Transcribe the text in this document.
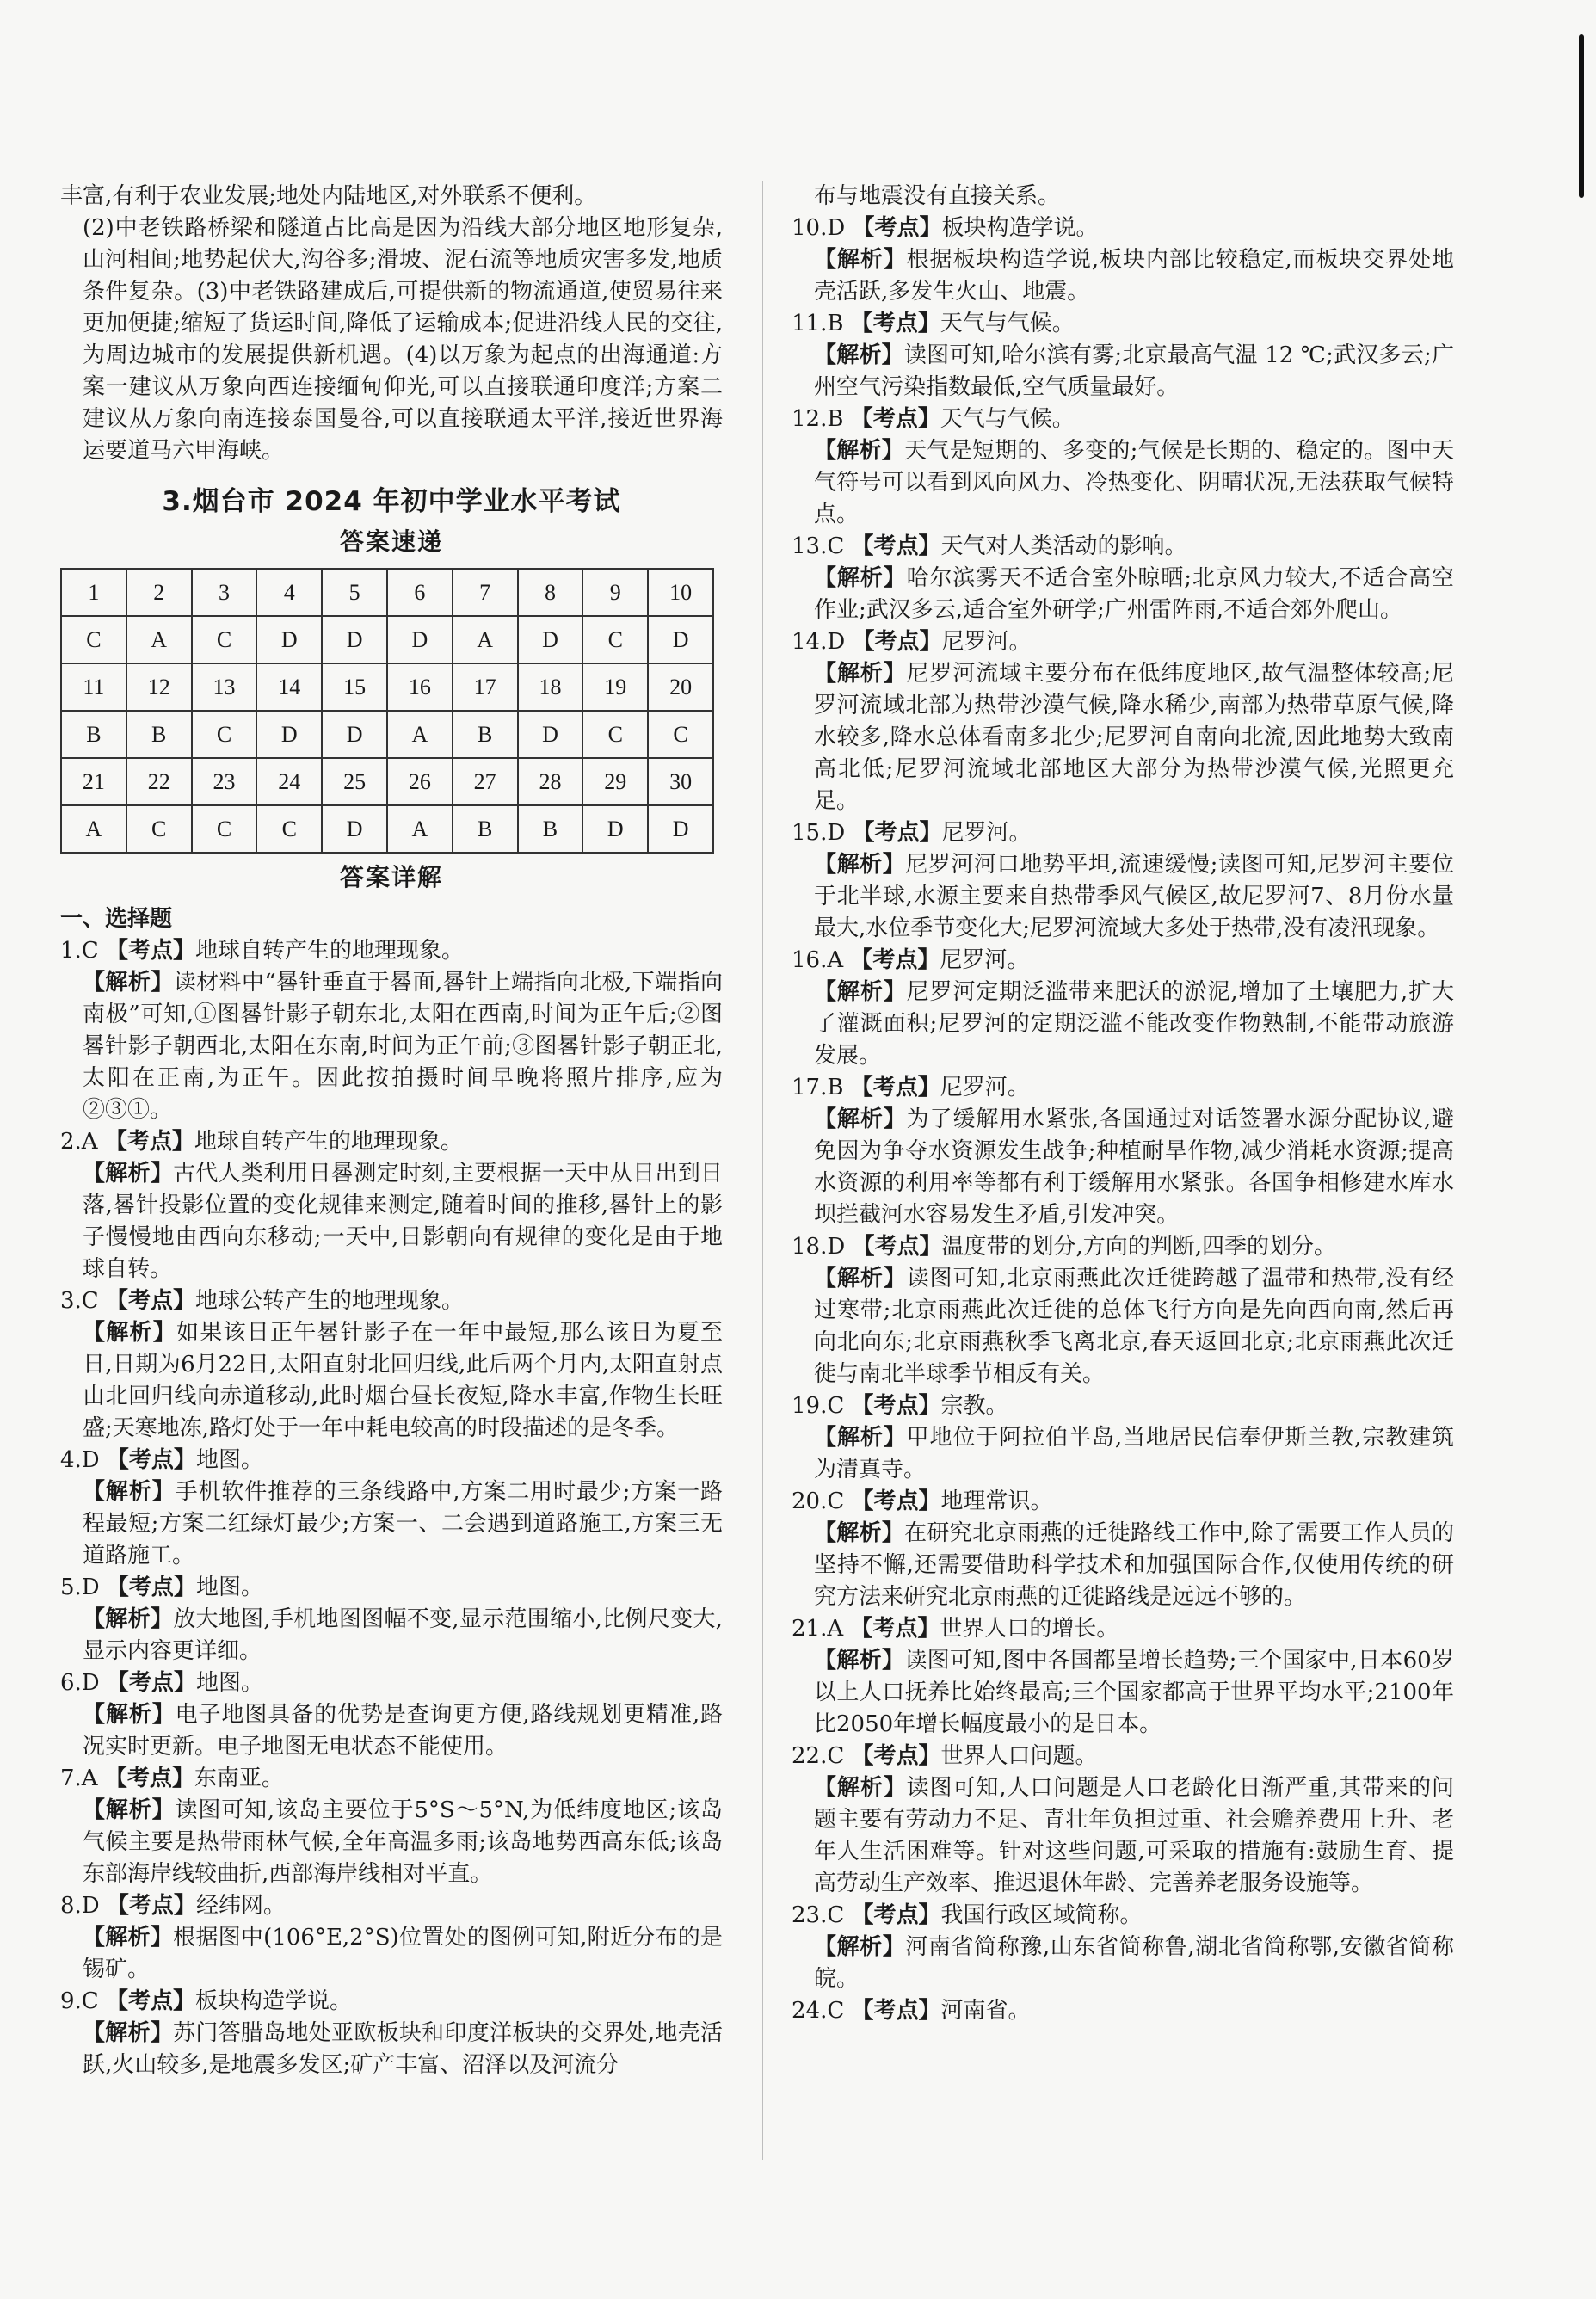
丰富,有利于农业发展;地处内陆地区,对外联系不便利。

(2)中老铁路桥梁和隧道占比高是因为沿线大部分地区地形复杂,山河相间;地势起伏大,沟谷多;滑坡、泥石流等地质灾害多发,地质条件复杂。(3)中老铁路建成后,可提供新的物流通道,使贸易往来更加便捷;缩短了货运时间,降低了运输成本;促进沿线人民的交往,为周边城市的发展提供新机遇。(4)以万象为起点的出海通道:方案一建议从万象向西连接缅甸仰光,可以直接联通印度洋;方案二建议从万象向南连接泰国曼谷,可以直接联通太平洋,接近世界海运要道马六甲海峡。

3.烟台市 2024 年初中学业水平考试
答案速递
1	2	3	4	5	6	7	8	9	10
C	A	C	D	D	D	A	D	C	D
11	12	13	14	15	16	17	18	19	20
B	B	C	D	D	A	B	D	C	C
21	22	23	24	25	26	27	28	29	30
A	C	C	C	D	A	B	B	D	D
答案详解

一、选择题

1.C 【考点】地球自转产生的地理现象。

【解析】读材料中“晷针垂直于晷面,晷针上端指向北极,下端指向南极”可知,①图晷针影子朝东北,太阳在西南,时间为正午后;②图晷针影子朝西北,太阳在东南,时间为正午前;③图晷针影子朝正北,太阳在正南,为正午。因此按拍摄时间早晚将照片排序,应为②③①。

2.A 【考点】地球自转产生的地理现象。

【解析】古代人类利用日晷测定时刻,主要根据一天中从日出到日落,晷针投影位置的变化规律来测定,随着时间的推移,晷针上的影子慢慢地由西向东移动;一天中,日影朝向有规律的变化是由于地球自转。

3.C 【考点】地球公转产生的地理现象。

【解析】如果该日正午晷针影子在一年中最短,那么该日为夏至日,日期为6月22日,太阳直射北回归线,此后两个月内,太阳直射点由北回归线向赤道移动,此时烟台昼长夜短,降水丰富,作物生长旺盛;天寒地冻,路灯处于一年中耗电较高的时段描述的是冬季。

4.D 【考点】地图。

【解析】手机软件推荐的三条线路中,方案二用时最少;方案一路程最短;方案二红绿灯最少;方案一、二会遇到道路施工,方案三无道路施工。

5.D 【考点】地图。

【解析】放大地图,手机地图图幅不变,显示范围缩小,比例尺变大,显示内容更详细。

6.D 【考点】地图。

【解析】电子地图具备的优势是查询更方便,路线规划更精准,路况实时更新。电子地图无电状态不能使用。

7.A 【考点】东南亚。

【解析】读图可知,该岛主要位于5°S～5°N,为低纬度地区;该岛气候主要是热带雨林气候,全年高温多雨;该岛地势西高东低;该岛东部海岸线较曲折,西部海岸线相对平直。

8.D 【考点】经纬网。

【解析】根据图中(106°E,2°S)位置处的图例可知,附近分布的是锡矿。

9.C 【考点】板块构造学说。

【解析】苏门答腊岛地处亚欧板块和印度洋板块的交界处,地壳活跃,火山较多,是地震多发区;矿产丰富、沼泽以及河流分

布与地震没有直接关系。

10.D 【考点】板块构造学说。

【解析】根据板块构造学说,板块内部比较稳定,而板块交界处地壳活跃,多发生火山、地震。

11.B 【考点】天气与气候。

【解析】读图可知,哈尔滨有雾;北京最高气温 12 ℃;武汉多云;广州空气污染指数最低,空气质量最好。

12.B 【考点】天气与气候。

【解析】天气是短期的、多变的;气候是长期的、稳定的。图中天气符号可以看到风向风力、冷热变化、阴晴状况,无法获取气候特点。

13.C 【考点】天气对人类活动的影响。

【解析】哈尔滨雾天不适合室外晾晒;北京风力较大,不适合高空作业;武汉多云,适合室外研学;广州雷阵雨,不适合郊外爬山。

14.D 【考点】尼罗河。

【解析】尼罗河流域主要分布在低纬度地区,故气温整体较高;尼罗河流域北部为热带沙漠气候,降水稀少,南部为热带草原气候,降水较多,降水总体看南多北少;尼罗河自南向北流,因此地势大致南高北低;尼罗河流域北部地区大部分为热带沙漠气候,光照更充足。

15.D 【考点】尼罗河。

【解析】尼罗河河口地势平坦,流速缓慢;读图可知,尼罗河主要位于北半球,水源主要来自热带季风气候区,故尼罗河7、8月份水量最大,水位季节变化大;尼罗河流域大多处于热带,没有凌汛现象。

16.A 【考点】尼罗河。

【解析】尼罗河定期泛滥带来肥沃的淤泥,增加了土壤肥力,扩大了灌溉面积;尼罗河的定期泛滥不能改变作物熟制,不能带动旅游发展。

17.B 【考点】尼罗河。

【解析】为了缓解用水紧张,各国通过对话签署水源分配协议,避免因为争夺水资源发生战争;种植耐旱作物,减少消耗水资源;提高水资源的利用率等都有利于缓解用水紧张。各国争相修建水库水坝拦截河水容易发生矛盾,引发冲突。

18.D 【考点】温度带的划分,方向的判断,四季的划分。

【解析】读图可知,北京雨燕此次迁徙跨越了温带和热带,没有经过寒带;北京雨燕此次迁徙的总体飞行方向是先向西向南,然后再向北向东;北京雨燕秋季飞离北京,春天返回北京;北京雨燕此次迁徙与南北半球季节相反有关。

19.C 【考点】宗教。

【解析】甲地位于阿拉伯半岛,当地居民信奉伊斯兰教,宗教建筑为清真寺。

20.C 【考点】地理常识。

【解析】在研究北京雨燕的迁徙路线工作中,除了需要工作人员的坚持不懈,还需要借助科学技术和加强国际合作,仅使用传统的研究方法来研究北京雨燕的迁徙路线是远远不够的。

21.A 【考点】世界人口的增长。

【解析】读图可知,图中各国都呈增长趋势;三个国家中,日本60岁以上人口抚养比始终最高;三个国家都高于世界平均水平;2100年比2050年增长幅度最小的是日本。

22.C 【考点】世界人口问题。

【解析】读图可知,人口问题是人口老龄化日渐严重,其带来的问题主要有劳动力不足、青壮年负担过重、社会赡养费用上升、老年人生活困难等。针对这些问题,可采取的措施有:鼓励生育、提高劳动生产效率、推迟退休年龄、完善养老服务设施等。

23.C 【考点】我国行政区域简称。

【解析】河南省简称豫,山东省简称鲁,湖北省简称鄂,安徽省简称皖。

24.C 【考点】河南省。
